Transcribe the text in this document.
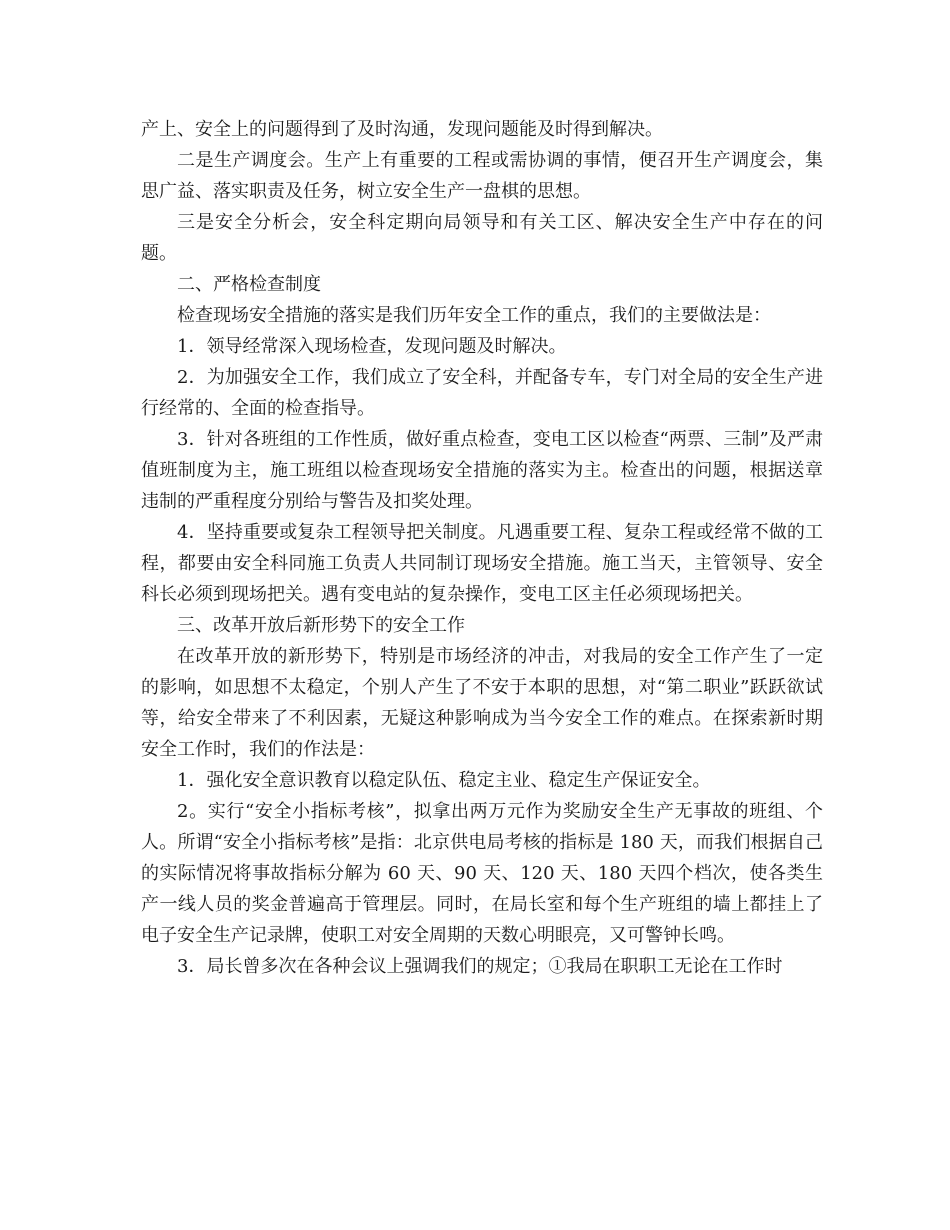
产上、安全上的问题得到了及时沟通，发现问题能及时得到解决。

二是生产调度会。生产上有重要的工程或需协调的事情，便召开生产调度会，集思广益、落实职责及任务，树立安全生产一盘棋的思想。

三是安全分析会，安全科定期向局领导和有关工区、解决安全生产中存在的问题。

二、严格检查制度

检查现场安全措施的落实是我们历年安全工作的重点，我们的主要做法是：

1．领导经常深入现场检查，发现问题及时解决。

2．为加强安全工作，我们成立了安全科，并配备专车，专门对全局的安全生产进行经常的、全面的检查指导。

3．针对各班组的工作性质，做好重点检查，变电工区以检查“两票、三制”及严肃值班制度为主，施工班组以检查现场安全措施的落实为主。检查出的问题，根据送章违制的严重程度分别给与警告及扣奖处理。

4．坚持重要或复杂工程领导把关制度。凡遇重要工程、复杂工程或经常不做的工程，都要由安全科同施工负责人共同制订现场安全措施。施工当天，主管领导、安全科长必须到现场把关。遇有变电站的复杂操作，变电工区主任必须现场把关。

三、改革开放后新形势下的安全工作

在改革开放的新形势下，特别是市场经济的冲击，对我局的安全工作产生了一定的影响，如思想不太稳定，个别人产生了不安于本职的思想，对“第二职业”跃跃欲试等，给安全带来了不利因素，无疑这种影响成为当今安全工作的难点。在探索新时期安全工作时，我们的作法是：

1．强化安全意识教育以稳定队伍、稳定主业、稳定生产保证安全。

2。实行“安全小指标考核”，拟拿出两万元作为奖励安全生产无事故的班组、个人。所谓“安全小指标考核”是指：北京供电局考核的指标是 180 天，而我们根据自己的实际情况将事故指标分解为 60 天、90 天、120 天、180 天四个档次，使各类生产一线人员的奖金普遍高于管理层。同时，在局长室和每个生产班组的墙上都挂上了电子安全生产记录牌，使职工对安全周期的天数心明眼亮，又可警钟长鸣。

3．局长曾多次在各种会议上强调我们的规定；①我局在职职工无论在工作时
